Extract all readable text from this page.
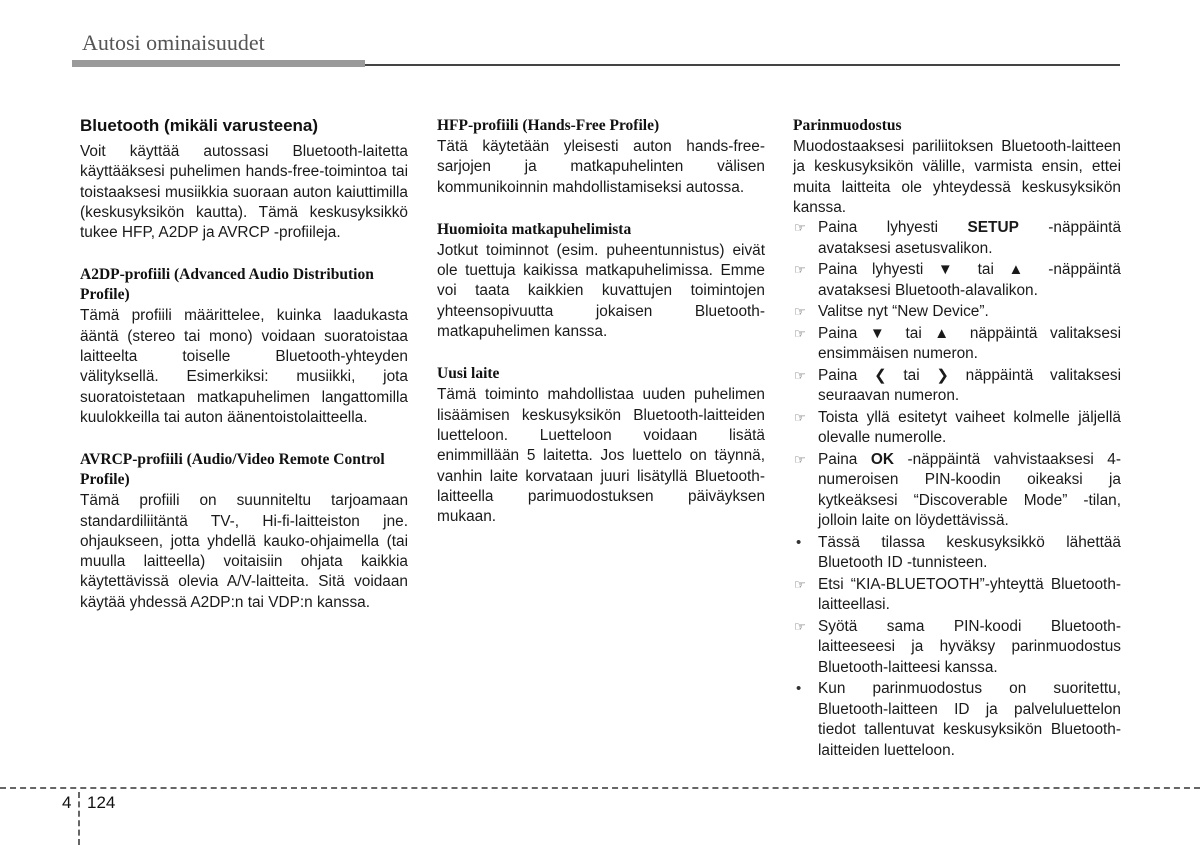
Autosi ominaisuudet
Bluetooth (mikäli varusteena)

Voit käyttää autossasi Bluetooth-laitetta käyttääksesi puhelimen hands-free-toimintoa tai toistaaksesi musiikkia suoraan auton kaiuttimilla (keskusyksikön kautta). Tämä keskusyksikkö tukee HFP, A2DP ja AVRCP -profiileja.

A2DP-profiili (Advanced Audio Distribution Profile)

Tämä profiili määrittelee, kuinka laadukasta ääntä (stereo tai mono) voidaan suoratoistaa laitteelta toiselle Bluetooth-yhteyden välityksellä. Esimerkiksi: musiikki, jota suoratoistetaan matkapuhelimen langattomilla kuulokkeilla tai auton äänentoistolaitteella.

AVRCP-profiili (Audio/Video Remote Control Profile)

Tämä profiili on suunniteltu tarjoamaan standardiliitäntä TV-, Hi-fi-laitteiston jne. ohjaukseen, jotta yhdellä kauko-ohjaimella (tai muulla laitteella) voitaisiin ohjata kaikkia käytettävissä olevia A/V-laitteita. Sitä voidaan käytää yhdessä A2DP:n tai VDP:n kanssa.

HFP-profiili (Hands-Free Profile)

Tätä käytetään yleisesti auton hands-free-sarjojen ja matkapuhelinten välisen kommunikoinnin mahdollistamiseksi autossa.

Huomioita matkapuhelimista

Jotkut toiminnot (esim. puheentunnistus) eivät ole tuettuja kaikissa matkapuhelimissa. Emme voi taata kaikkien kuvattujen toimintojen yhteensopivuutta jokaisen Bluetooth-matkapuhelimen kanssa.

Uusi laite

Tämä toiminto mahdollistaa uuden puhelimen lisäämisen keskusyksikön Bluetooth-laitteiden luetteloon. Luetteloon voidaan lisätä enimmillään 5 laitetta. Jos luettelo on täynnä, vanhin laite korvataan juuri lisätyllä Bluetooth-laitteella parimuodostuksen päiväyksen mukaan.

Parinmuodostus

Muodostaaksesi pariliitoksen Bluetooth-laitteen ja keskusyksikön välille, varmista ensin, ettei muita laitteita ole yhteydessä keskusyksikön kanssa.

☞ Paina lyhyesti SETUP -näppäintä avataksesi asetusvalikon.
☞ Paina lyhyesti ▼ tai ▲ -näppäintä avataksesi Bluetooth-alavalikon.
☞ Valitse nyt “New Device”.
☞ Paina ▼ tai ▲ näppäintä valitaksesi ensimmäisen numeron.
☞ Paina ❮ tai ❯ näppäintä valitaksesi seuraavan numeron.
☞ Toista yllä esitetyt vaiheet kolmelle jäljellä olevalle numerolle.
☞ Paina OK -näppäintä vahvistaaksesi 4-numeroisen PIN-koodin oikeaksi ja kytkeäksesi “Discoverable Mode” -tilan, jolloin laite on löydettävissä.
•	Tässä tilassa keskusyksikkö lähettää Bluetooth ID -tunnisteen.
☞ Etsi “KIA-BLUETOOTH”-yhteyttä Bluetooth-laitteellasi.
☞ Syötä sama PIN-koodi Bluetooth-laitteeseesi ja hyväksy parinmuodostus Bluetooth-laitteesi kanssa.
•	Kun parinmuodostus on suoritettu, Bluetooth-laitteen ID ja palveluluettelon tiedot tallentuvat keskusyksikön Bluetooth-laitteiden luetteloon.
4 124
